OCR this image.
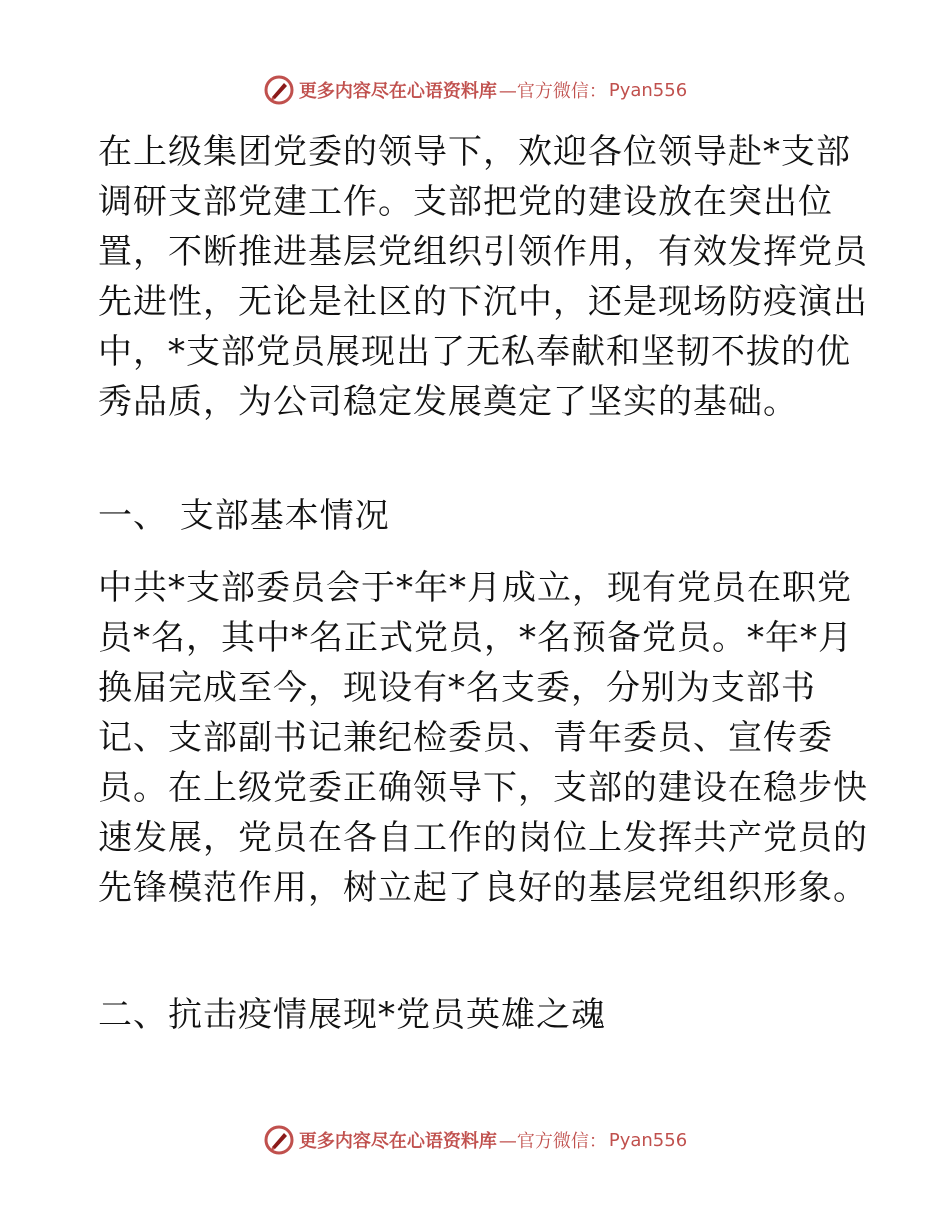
更多内容尽在心语资料库 —官方微信： Pyan556
在上级集团党委的领导下，欢迎各位领导赴*支部
调研支部党建工作。支部把党的建设放在突出位
置，不断推进基层党组织引领作用，有效发挥党员
先进性，无论是社区的下沉中，还是现场防疫演出
中，*支部党员展现出了无私奉献和坚韧不拔的优
秀品质，为公司稳定发展奠定了坚实的基础。
一、 支部基本情况
中共*支部委员会于*年*月成立，现有党员在职党
员*名，其中*名正式党员，*名预备党员。*年*月
换届完成至今，现设有*名支委，分别为支部书
记、支部副书记兼纪检委员、青年委员、宣传委
员。在上级党委正确领导下，支部的建设在稳步快
速发展，党员在各自工作的岗位上发挥共产党员的
先锋模范作用，树立起了良好的基层党组织形象。
二、抗击疫情展现*党员英雄之魂
更多内容尽在心语资料库 —官方微信： Pyan556
